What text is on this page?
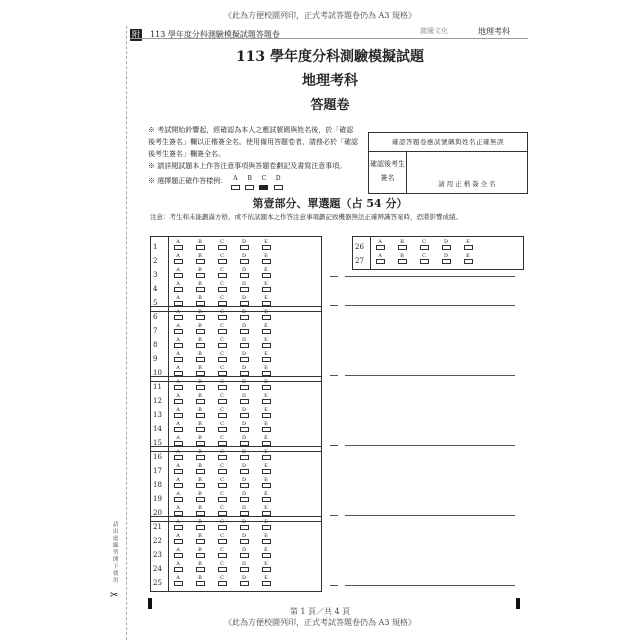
《此為方便校園列印，正式考試答題卷仍為 A3 規格》
附 113 學年度分科測驗模擬試題答題卷	龍騰文化	地理考科
113 學年度分科測驗模擬試題
地理考科
答題卷

※ 考試開始鈴響起，經確認為本人之應試號碼與姓名後，於「確認後考生簽名」欄以正楷簽全名。使用備用答題卷者，請務必於「確認後考生簽名」欄簽全名。

※ 請詳閱試題本上作答注意事項與答題卷劃記及書寫注意事項。

※ 選擇題正確作答樣例：	A
	B
	C
	D

確認答題卷應試號碼與姓名正確無誤
確認後考生簽名
請用正楷簽全名
第壹部分、單選題（占 54 分）
注意：考生和未能劃滿方格，或不依試題本之作答注意事項劃記致機器無法正確辨識答案時，恐將影響成績。
1
A	B	C	D	E
2
A	B	C	D	E
3
A	B	C	D	E
4
A	B	C	D	E
5
A	B	C	D	E
6
A	B	C	D	E
7
A	B	C	D	E
8
A	B	C	D	E
9
A	B	C	D	E
10
A	B	C	D	E
11
A	B	C	D	E
12
A	B	C	D	E
13
A	B	C	D	E
14
A	B	C	D	E
15
A	B	C	D	E
16
A	B	C	D	E
17
A	B	C	D	E
18
A	B	C	D	E
19
A	B	C	D	E
20
A	B	C	D	E
21
A	B	C	D	E
22
A	B	C	D	E
23
A	B	C	D	E
24
A	B	C	D	E
25
A	B	C	D	E
26
A	B	C	D	E
27
A	B	C	D	E
請由虛線剪開下使用
✂
第 1 頁／共 4 頁
《此為方便校園列印，正式考試答題卷仍為 A3 規格》
